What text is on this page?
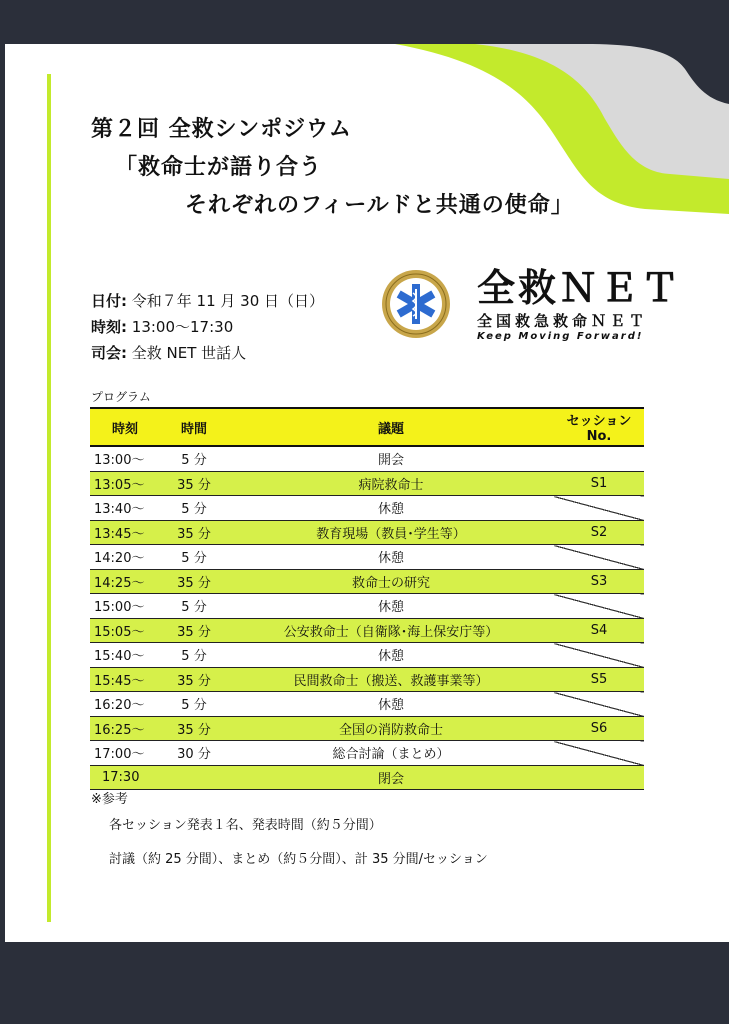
第２回 全救シンポジウム
「救命士が語り合う
それぞれのフィールドと共通の使命」
日付: 令和７年 11 月 30 日（日）
時刻: 13:00～17:30
司会: 全救 NET 世話人
全救ＮＥＴ
全国救急救命ＮＥＴ
Keep Moving Forward!
プログラム
時刻	時間	議題	セッションNo.
13:00～	5 分	開会	
13:05～	35 分	病院救命士	S1
13:40～	5 分	休憩	
13:45～	35 分	教育現場（教員･学生等）	S2
14:20～	5 分	休憩	
14:25～	35 分	救命士の研究	S3
15:00～	5 分	休憩	
15:05～	35 分	公安救命士（自衛隊･海上保安庁等）	S4
15:40～	5 分	休憩	
15:45～	35 分	民間救命士（搬送、救護事業等）	S5
16:20～	5 分	休憩	
16:25～	35 分	全国の消防救命士	S6
17:00～	30 分	総合討論（まとめ）	
17:30		閉会	
※参考
各セッション発表１名、発表時間（約５分間）
討議（約 25 分間）、まとめ（約５分間）、計 35 分間/セッション
